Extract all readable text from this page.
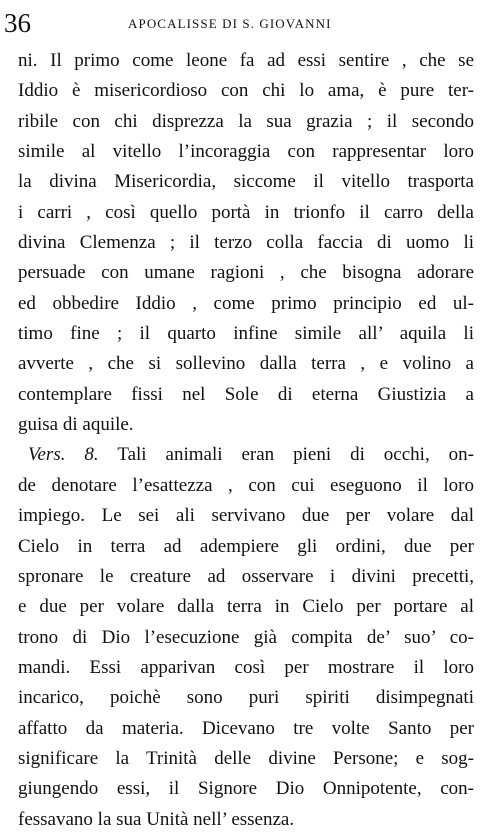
36	APOCALISSE DI S. GIOVANNI
ni. Il primo come leone fa ad essi sentire , che se
Iddio è misericordioso con chi lo ama, è pure ter-
ribile con chi disprezza la sua grazia ; il secondo
simile al vitello l’incoraggia con rappresentar loro
la divina Misericordia, siccome il vitello trasporta
i carri , così quello portà in trionfo il carro della
divina Clemenza ; il terzo colla faccia di uomo li
persuade con umane ragioni , che bisogna adorare
ed obbedire Iddio , come primo principio ed ul-
timo fine ; il quarto infine simile all’ aquila li
avverte , che si sollevino dalla terra , e volino a
contemplare fissi nel Sole di eterna Giustizia a
guisa di aquile.
Vers. 8. Tali animali eran pieni di occhi, on-
de denotare l’esattezza , con cui eseguono il loro
impiego. Le sei ali servivano due per volare dal
Cielo in terra ad adempiere gli ordini, due per
spronare le creature ad osservare i divini precetti,
e due per volare dalla terra in Cielo per portare al
trono di Dio l’esecuzione già compita de’ suo’ co-
mandi. Essi apparivan così per mostrare il loro
incarico, poichè sono puri spiriti disimpegnati
affatto da materia. Dicevano tre volte Santo per
significare la Trinità delle divine Persone; e sog-
giungendo essi, il Signore Dio Onnipotente, con-
fessavano la sua Unità nell’ essenza.
